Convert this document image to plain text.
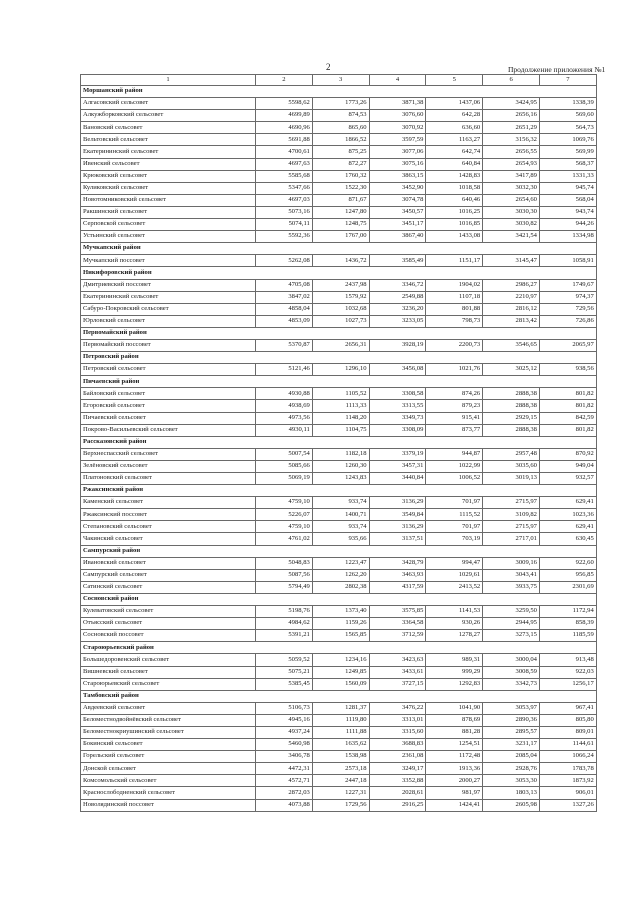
2	Продолжение приложения №1
1	2	3	4	5	6	7
Моршанский район						
Алгасовский сельсовет	5598,62	1773,26	3871,38	1437,06	3424,95	1338,39
Алкужборковский сельсовет	4699,89	874,53	3076,60	642,28	2656,16	569,60
Вановский сельсовет	4690,96	865,60	3070,92	636,60	2651,29	564,73
Вельтовский сельсовет	5691,88	1866,52	3597,59	1163,27	3156,32	1069,76
Екатерининский сельсовет	4700,61	875,25	3077,06	642,74	2656,55	569,99
Ивенский сельсовет	4697,63	872,27	3075,16	640,84	2654,93	568,37
Крюковский сельсовет	5585,68	1760,32	3863,15	1428,83	3417,89	1331,33
Куликовский сельсовет	5347,66	1522,30	3452,90	1018,58	3032,30	945,74
Новотомниковский сельсовет	4697,03	871,67	3074,78	640,46	2654,60	568,04
Ракшинский сельсовет	5073,16	1247,80	3450,57	1016,25	3030,30	943,74
Серповской сельсовет	5074,11	1248,75	3451,17	1016,85	3030,82	944,26
Устьинский сельсовет	5592,36	1767,00	3867,40	1433,08	3421,54	1334,98
Мучкапский район						
Мучкапский поссовет	5262,08	1436,72	3585,49	1151,17	3145,47	1058,91
Никифоровский район						
Дмитриевский поссовет	4705,08	2437,98	3346,72	1904,02	2986,27	1749,67
Екатерининский сельсовет	3847,02	1579,92	2549,88	1107,18	2210,97	974,37
Сабуро-Покровский сельсовет	4858,04	1032,68	3236,20	801,88	2816,12	729,56
Юрловский сельсовет	4853,09	1027,73	3233,05	798,73	2813,42	726,86
Первомайский район						
Первомайский поссовет	5370,87	2656,31	3928,19	2200,73	3546,65	2065,97
Петровский район						
Петровский сельсовет	5121,46	1296,10	3456,08	1021,76	3025,12	938,56
Пичаевский район						
Байловский сельсовет	4930,88	1105,52	3308,58	874,26	2888,38	801,82
Егоровский сельсовет	4938,69	1113,33	3313,55	879,23	2888,38	801,82
Пичаевский сельсовет	4973,56	1148,20	3349,73	915,41	2929,15	842,59
Покрово-Васильевский сельсовет	4930,11	1104,75	3308,09	873,77	2888,38	801,82
Рассказовский район						
Верхнеспасский сельсовет	5007,54	1182,18	3379,19	944,87	2957,48	870,92
Зелёновский сельсовет	5085,66	1260,30	3457,31	1022,99	3035,60	949,04
Платоновский сельсовет	5069,19	1243,83	3440,84	1006,52	3019,13	932,57
Ржаксинский район						
Каменский сельсовет	4759,10	933,74	3136,29	701,97	2715,97	629,41
Ржаксинский поссовет	5226,07	1400,71	3549,84	1115,52	3109,82	1023,36
Степановский сельсовет	4759,10	933,74	3136,29	701,97	2715,97	629,41
Чакинский сельсовет	4761,02	935,66	3137,51	703,19	2717,01	630,45
Сампурский район						
Ивановский сельсовет	5048,83	1223,47	3428,79	994,47	3009,16	922,60
Сампурский сельсовет	5087,56	1262,20	3463,93	1029,61	3043,41	956,85
Сатинский сельсовет	5794,49	2802,38	4317,59	2413,52	3933,75	2301,69
Сосновский район						
Кулеватовский сельсовет	5198,76	1373,40	3575,85	1141,53	3259,50	1172,94
Отъясский сельсовет	4984,62	1159,26	3364,58	930,26	2944,95	858,39
Сосновский поссовет	5391,21	1565,85	3712,59	1278,27	3273,15	1185,59
Староюрьевский район						
Большедоровенский сельсовет	5059,52	1234,16	3423,63	989,31	3000,04	913,48
Вишневский сельсовет	5075,21	1249,85	3433,61	999,29	3008,59	922,03
Староюрьевский сельсовет	5385,45	1560,09	3727,15	1292,83	3342,73	1256,17
Тамбовский район						
Авдеевский сельсовет	5106,73	1281,37	3476,22	1041,90	3053,97	967,41
Беломестнодвойнёвский сельсовет	4945,16	1119,80	3313,01	878,69	2890,36	805,80
Беломестнокриушинский сельсовет	4937,24	1111,88	3315,60	881,28	2895,57	809,01
Бокинский сельсовет	5460,98	1635,62	3688,83	1254,51	3231,17	1144,61
Горельский сельсовет	3406,78	1538,98	2361,08	1172,48	2085,04	1066,24
Донской сельсовет	4472,31	2573,18	3249,17	1913,36	2928,76	1783,78
Комсомольский сельсовет	4572,71	2447,18	3352,88	2000,27	3053,30	1873,92
Краснослободненский сельсовет	2872,03	1227,31	2028,61	981,97	1803,13	906,01
Новолядинский поссовет	4073,88	1729,56	2916,25	1424,41	2605,98	1327,26
